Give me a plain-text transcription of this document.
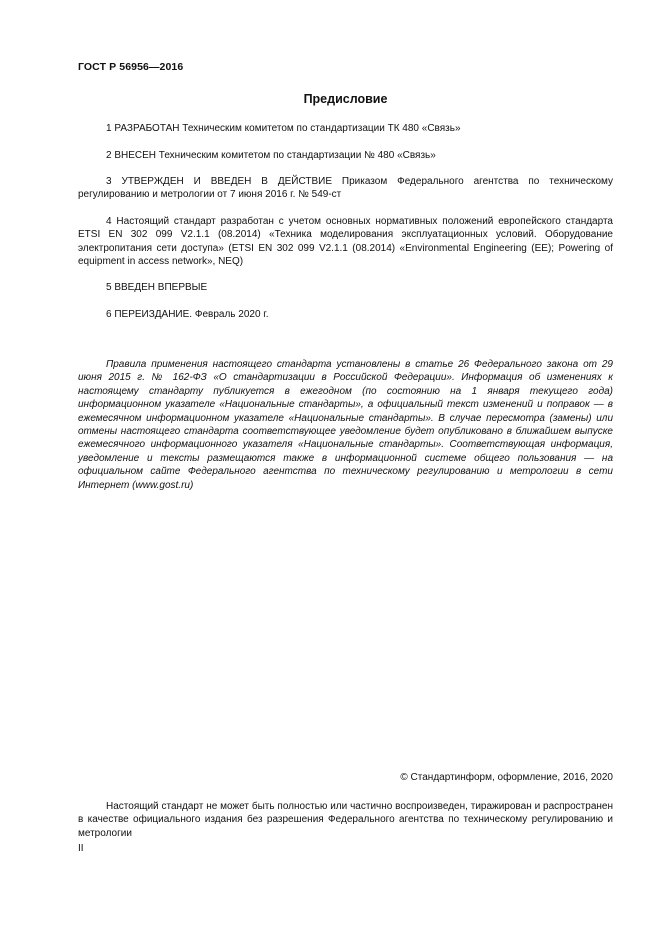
ГОСТ Р 56956—2016
Предисловие
1 РАЗРАБОТАН Техническим комитетом по стандартизации ТК 480 «Связь»
2 ВНЕСЕН Техническим комитетом по стандартизации № 480 «Связь»
3 УТВЕРЖДЕН И ВВЕДЕН В ДЕЙСТВИЕ Приказом Федерального агентства по техническому регулированию и метрологии от 7 июня 2016 г. № 549-ст
4 Настоящий стандарт разработан с учетом основных нормативных положений европейского стандарта ETSI EN 302 099 V2.1.1 (08.2014) «Техника моделирования эксплуатационных условий. Оборудование электропитания сети доступа» (ETSI EN 302 099 V2.1.1 (08.2014) «Environmental Engineering (EE); Powering of equipment in access network», NEQ)
5 ВВЕДЕН ВПЕРВЫЕ
6 ПЕРЕИЗДАНИЕ. Февраль 2020 г.
Правила применения настоящего стандарта установлены в статье 26 Федерального закона от 29 июня 2015 г. № 162-ФЗ «О стандартизации в Российской Федерации». Информация об изменениях к настоящему стандарту публикуется в ежегодном (по состоянию на 1 января текущего года) информационном указателе «Национальные стандарты», а официальный текст изменений и поправок — в ежемесячном информационном указателе «Национальные стандарты». В случае пересмотра (замены) или отмены настоящего стандарта соответствующее уведомление будет опубликовано в ближайшем выпуске ежемесячного информационного указателя «Национальные стандарты». Соответствующая информация, уведомление и тексты размещаются также в информационной системе общего пользования — на официальном сайте Федерального агентства по техническому регулированию и метрологии в сети Интернет (www.gost.ru)
© Стандартинформ, оформление, 2016, 2020
Настоящий стандарт не может быть полностью или частично воспроизведен, тиражирован и распространен в качестве официального издания без разрешения Федерального агентства по техническому регулированию и метрологии
II
